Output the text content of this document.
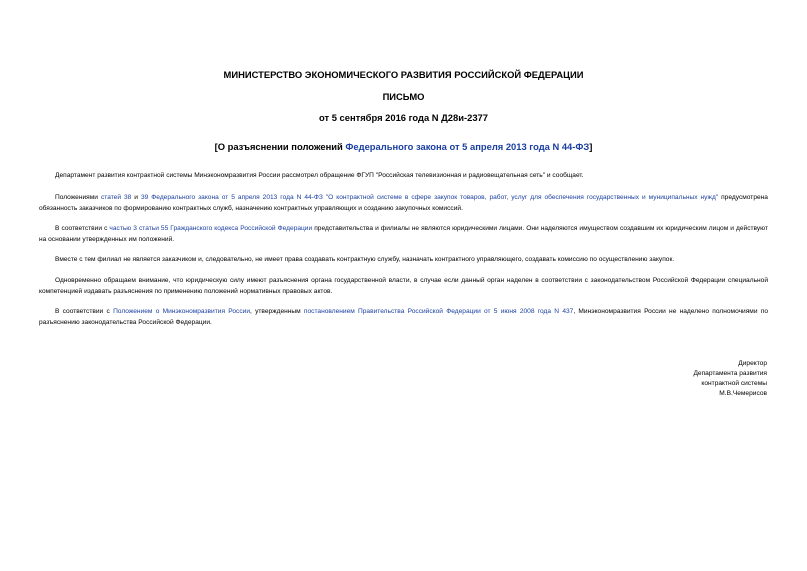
МИНИСТЕРСТВО ЭКОНОМИЧЕСКОГО РАЗВИТИЯ РОССИЙСКОЙ ФЕДЕРАЦИИ
ПИСЬМО
от 5 сентября 2016 года N Д28и-2377
[О разъяснении положений Федерального закона от 5 апреля 2013 года N 44-ФЗ]
Департамент развития контрактной системы Минэкономразвития России рассмотрел обращение ФГУП "Российская телевизионная и радиовещательная сеть" и сообщает.
Положениями статей 38 и 39 Федерального закона от 5 апреля 2013 года N 44-ФЗ "О контрактной системе в сфере закупок товаров, работ, услуг для обеспечения государственных и муниципальных нужд" предусмотрена обязанность заказчиков по формированию контрактных служб, назначению контрактных управляющих и созданию закупочных комиссий.
В соответствии с частью 3 статьи 55 Гражданского кодекса Российской Федерации представительства и филиалы не являются юридическими лицами. Они наделяются имуществом создавшим их юридическим лицом и действуют на основании утвержденных им положений.
Вместе с тем филиал не является заказчиком и, следовательно, не имеет права создавать контрактную службу, назначать контрактного управляющего, создавать комиссию по осуществлению закупок.
Одновременно обращаем внимание, что юридическую силу имеют разъяснения органа государственной власти, в случае если данный орган наделен в соответствии с законодательством Российской Федерации специальной компетенцией издавать разъяснения по применению положений нормативных правовых актов.
В соответствии с Положением о Минэкономразвития России, утвержденным постановлением Правительства Российской Федерации от 5 июня 2008 года N 437, Минэкономразвития России не наделено полномочиями по разъяснению законодательства Российской Федерации.
Директор
Департамента развития
контрактной системы
М.В.Чемерисов
